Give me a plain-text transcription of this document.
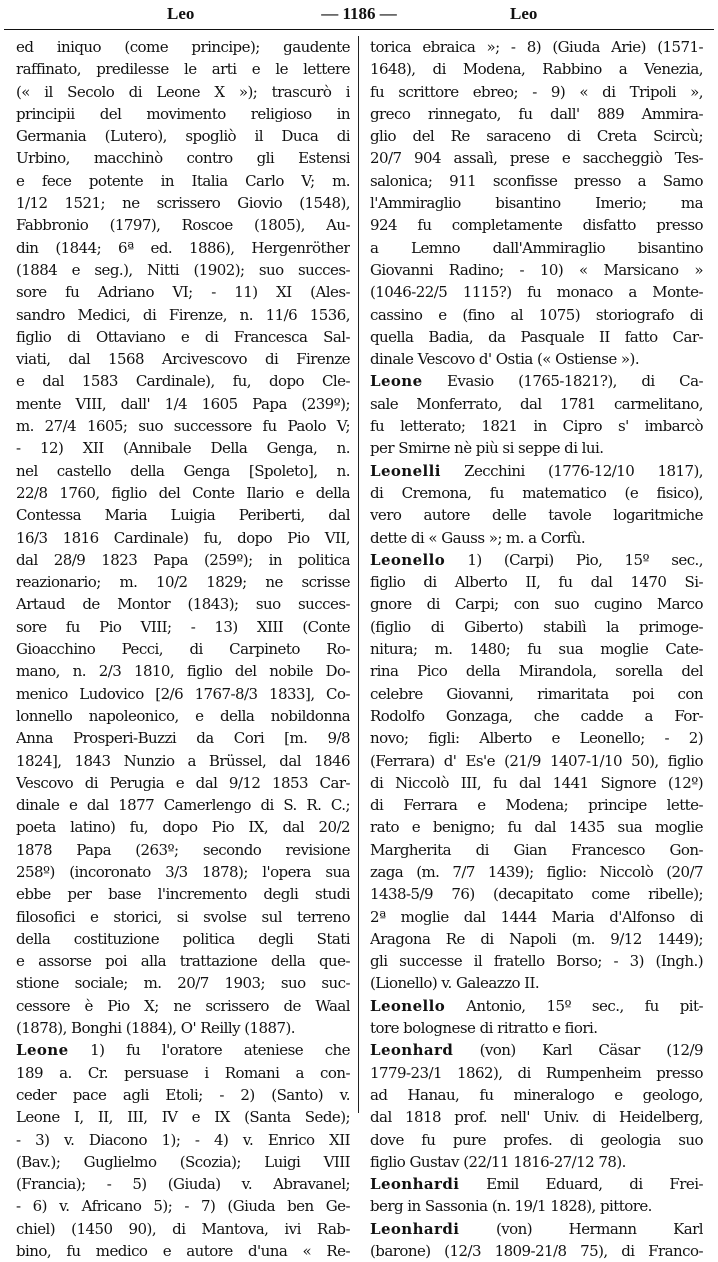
Leo	— 1186 —	Leo
ed iniquo (come principe); gaudente
raffinato, predilesse le arti e le lettere
(« il Secolo di Leone X »); trascurò i
principii del movimento religioso in
Germania (Lutero), spogliò il Duca di
Urbino, macchinò contro gli Estensi
e fece potente in Italia Carlo V; m.
1/12 1521; ne scrissero Giovio (1548),
Fabbronio (1797), Roscoe (1805), Au-
din (1844; 6ª ed. 1886), Hergenröther
(1884 e seg.), Nitti (1902); suo succes-
sore fu Adriano VI; - 11) XI (Ales-
sandro Medici, di Firenze, n. 11/6 1536,
figlio di Ottaviano e di Francesca Sal-
viati, dal 1568 Arcivescovo di Firenze
e dal 1583 Cardinale), fu, dopo Cle-
mente VIII, dall' 1/4 1605 Papa (239º);
m. 27/4 1605; suo successore fu Paolo V;
- 12) XII (Annibale Della Genga, n.
nel castello della Genga [Spoleto], n.
22/8 1760, figlio del Conte Ilario e della
Contessa Maria Luigia Periberti, dal
16/3 1816 Cardinale) fu, dopo Pio VII,
dal 28/9 1823 Papa (259º); in politica
reazionario; m. 10/2 1829; ne scrisse
Artaud de Montor (1843); suo succes-
sore fu Pio VIII; - 13) XIII (Conte
Gioacchino Pecci, di Carpineto Ro-
mano, n. 2/3 1810, figlio del nobile Do-
menico Ludovico [2/6 1767-8/3 1833], Co-
lonnello napoleonico, e della nobildonna
Anna Prosperi-Buzzi da Cori [m. 9/8
1824], 1843 Nunzio a Brüssel, dal 1846
Vescovo di Perugia e dal 9/12 1853 Car-
dinale e dal 1877 Camerlengo di S. R. C.;
poeta latino) fu, dopo Pio IX, dal 20/2
1878 Papa (263º; secondo revisione
258º) (incoronato 3/3 1878); l'opera sua
ebbe per base l'incremento degli studi
filosofici e storici, si svolse sul terreno
della costituzione politica degli Stati
e assorse poi alla trattazione della que-
stione sociale; m. 20/7 1903; suo suc-
cessore è Pio X; ne scrissero de Waal
(1878), Bonghi (1884), O' Reilly (1887).
Leone 1) fu l'oratore ateniese che
189 a. Cr. persuase i Romani a con-
ceder pace agli Etoli; - 2) (Santo) v.
Leone I, II, III, IV e IX (Santa Sede);
- 3) v. Diacono 1); - 4) v. Enrico XII
(Bav.); Guglielmo (Scozia); Luigi VIII
(Francia); - 5) (Giuda) v. Abravanel;
- 6) v. Africano 5); - 7) (Giuda ben Ge-
chiel) (1450 90), di Mantova, ivi Rab-
bino, fu medico e autore d'una « Re-
torica ebraica »; - 8) (Giuda Arie) (1571-
1648), di Modena, Rabbino a Venezia,
fu scrittore ebreo; - 9) « di Tripoli »,
greco rinnegato, fu dall' 889 Ammira-
glio del Re saraceno di Creta Scircù;
20/7 904 assalì, prese e saccheggiò Tes-
salonica; 911 sconfisse presso a Samo
l'Ammiraglio bisantino Imerio; ma
924 fu completamente disfatto presso
a Lemno dall'Ammiraglio bisantino
Giovanni Radino; - 10) « Marsicano »
(1046-22/5 1115?) fu monaco a Monte-
cassino e (fino al 1075) storiografo di
quella Badia, da Pasquale II fatto Car-
dinale Vescovo d' Ostia (« Ostiense »).
Leone Evasio (1765-1821?), di Ca-
sale Monferrato, dal 1781 carmelitano,
fu letterato; 1821 in Cipro s' imbarcò
per Smirne nè più si seppe di lui.
Leonelli Zecchini (1776-12/10 1817),
di Cremona, fu matematico (e fisico),
vero autore delle tavole logaritmiche
dette di « Gauss »; m. a Corfù.
Leonello 1) (Carpi) Pio, 15º sec.,
figlio di Alberto II, fu dal 1470 Si-
gnore di Carpi; con suo cugino Marco
(figlio di Giberto) stabilì la primoge-
nitura; m. 1480; fu sua moglie Cate-
rina Pico della Mirandola, sorella del
celebre Giovanni, rimaritata poi con
Rodolfo Gonzaga, che cadde a For-
novo; figli: Alberto e Leonello; - 2)
(Ferrara) d' Es'e (21/9 1407-1/10 50), figlio
di Niccolò III, fu dal 1441 Signore (12º)
di Ferrara e Modena; principe lette-
rato e benigno; fu dal 1435 sua moglie
Margherita di Gian Francesco Gon-
zaga (m. 7/7 1439); figlio: Niccolò (20/7
1438-5/9 76) (decapitato come ribelle);
2ª moglie dal 1444 Maria d'Alfonso di
Aragona Re di Napoli (m. 9/12 1449);
gli successe il fratello Borso; - 3) (Ingh.)
(Lionello) v. Galeazzo II.
Leonello Antonio, 15º sec., fu pit-
tore bolognese di ritratto e fiori.
Leonhard (von) Karl Cäsar (12/9
1779-23/1 1862), di Rumpenheim presso
ad Hanau, fu mineralogo e geologo,
dal 1818 prof. nell' Univ. di Heidelberg,
dove fu pure profes. di geologia suo
figlio Gustav (22/11 1816-27/12 78).
Leonhardi Emil Eduard, di Frei-
berg in Sassonia (n. 19/1 1828), pittore.
Leonhardi (von) Hermann Karl
(barone) (12/3 1809-21/8 75), di Franco-
